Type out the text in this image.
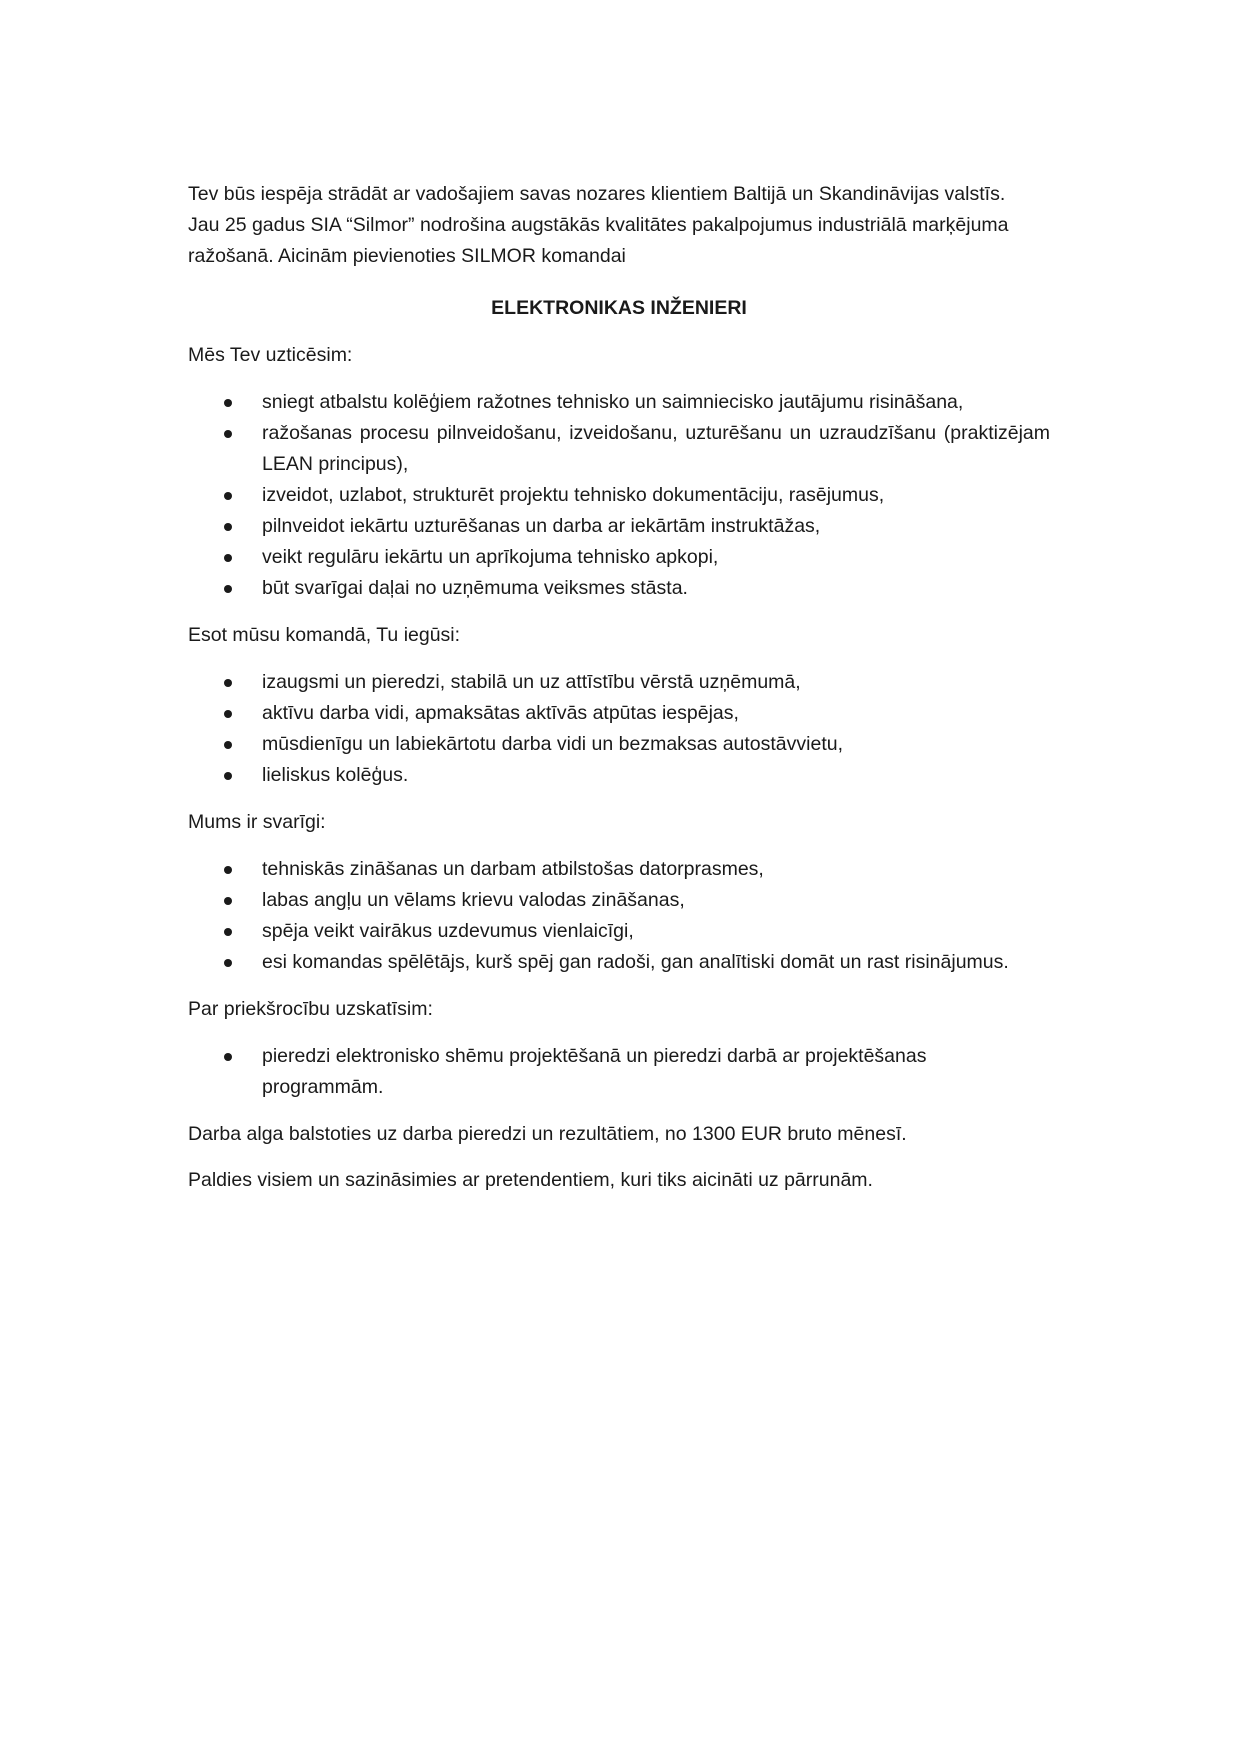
Tev būs iespēja strādāt ar vadošajiem savas nozares klientiem Baltijā un Skandināvijas valstīs.
Jau 25 gadus SIA “Silmor” nodrošina augstākās kvalitātes pakalpojumus industriālā marķējuma
ražošanā. Aicinām pievienoties SILMOR komandai

ELEKTRONIKAS INŽENIERI

Mēs Tev uzticēsim:

sniegt atbalstu kolēģiem ražotnes tehnisko un saimniecisko jautājumu risināšana,
ražošanas procesu pilnveidošanu, izveidošanu, uzturēšanu un uzraudzīšanu (praktizējam LEAN principus),
izveidot, uzlabot, strukturēt projektu tehnisko dokumentāciju, rasējumus,
pilnveidot iekārtu uzturēšanas un darba ar iekārtām instruktāžas,
veikt regulāru iekārtu un aprīkojuma tehnisko apkopi,
būt svarīgai daļai no uzņēmuma veiksmes stāsta.

Esot mūsu komandā, Tu iegūsi:

izaugsmi un pieredzi, stabilā un uz attīstību vērstā uzņēmumā,
aktīvu darba vidi, apmaksātas aktīvās atpūtas iespējas,
mūsdienīgu un labiekārtotu darba vidi un bezmaksas autostāvvietu,
lieliskus kolēģus.

Mums ir svarīgi:

tehniskās zināšanas un darbam atbilstošas datorprasmes,
labas angļu un vēlams krievu valodas zināšanas,
spēja veikt vairākus uzdevumus vienlaicīgi,
esi komandas spēlētājs, kurš spēj gan radoši, gan analītiski domāt un rast risinājumus.

Par priekšrocību uzskatīsim:

pieredzi elektronisko shēmu projektēšanā un pieredzi darbā ar projektēšanas programmām.

Darba alga balstoties uz darba pieredzi un rezultātiem, no 1300 EUR bruto mēnesī.

Paldies visiem un sazināsimies ar pretendentiem, kuri tiks aicināti uz pārrunām.
